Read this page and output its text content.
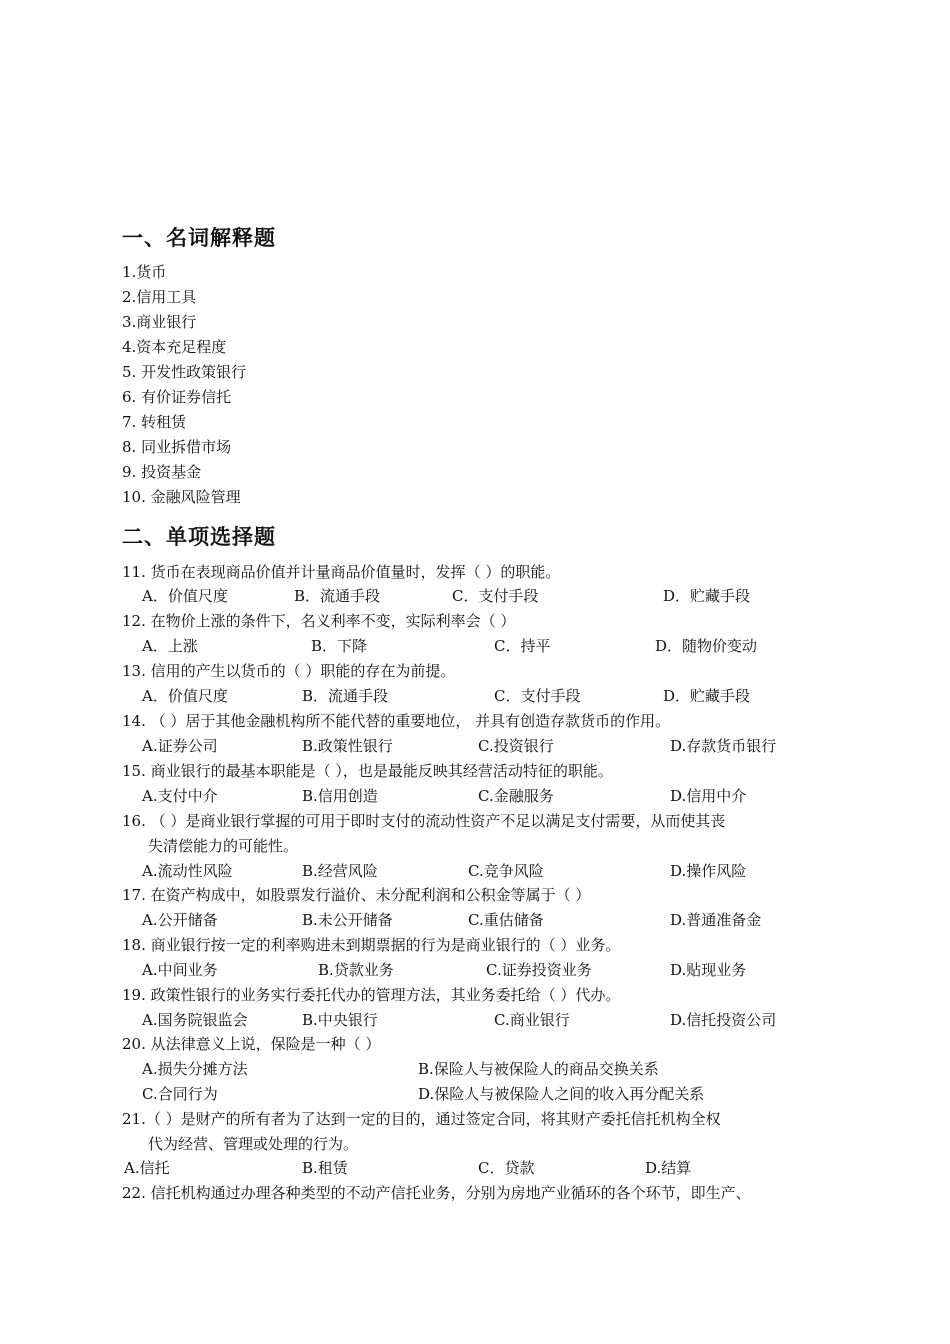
一、名词解释题
1.货币
2.信用工具
3.商业银行
4.资本充足程度
5. 开发性政策银行
6. 有价证券信托
7. 转租赁
8. 同业拆借市场
9. 投资基金
10. 金融风险管理
二、单项选择题
11. 货币在表现商品价值并计量商品价值量时，发挥（ ）的职能。
A．价值尺度	B．流通手段	C．支付手段	D．贮藏手段
12. 在物价上涨的条件下，名义利率不变，实际利率会（ ）
A．上涨	B．下降	C．持平	D．随物价变动
13. 信用的产生以货币的（ ）职能的存在为前提。
A．价值尺度	B．流通手段	C．支付手段	D．贮藏手段
14. （ ）居于其他金融机构所不能代替的重要地位， 并具有创造存款货币的作用。
A.证券公司	B.政策性银行	C.投资银行	D.存款货币银行
15. 商业银行的最基本职能是（ ），也是最能反映其经营活动特征的职能。
A.支付中介	B.信用创造	C.金融服务	D.信用中介
16. （ ）是商业银行掌握的可用于即时支付的流动性资产不足以满足支付需要，从而使其丧
失清偿能力的可能性。
A.流动性风险	B.经营风险	C.竞争风险	D.操作风险
17. 在资产构成中，如股票发行溢价、未分配利润和公积金等属于（ ）
A.公开储备	B.未公开储备	C.重估储备	D.普通准备金
18. 商业银行按一定的利率购进未到期票据的行为是商业银行的（ ）业务。
A.中间业务	B.贷款业务	C.证券投资业务	D.贴现业务
19. 政策性银行的业务实行委托代办的管理方法，其业务委托给（ ）代办。
A.国务院银监会	B.中央银行	C.商业银行	D.信托投资公司
20. 从法律意义上说，保险是一种（ ）
A.损失分摊方法	B.保险人与被保险人的商品交换关系
C.合同行为	D.保险人与被保险人之间的收入再分配关系
21.（ ）是财产的所有者为了达到一定的目的，通过签定合同，将其财产委托信托机构全权
代为经营、管理或处理的行为。
A.信托	B.租赁	C．贷款	D.结算
22. 信托机构通过办理各种类型的不动产信托业务，分别为房地产业循环的各个环节，即生产、
